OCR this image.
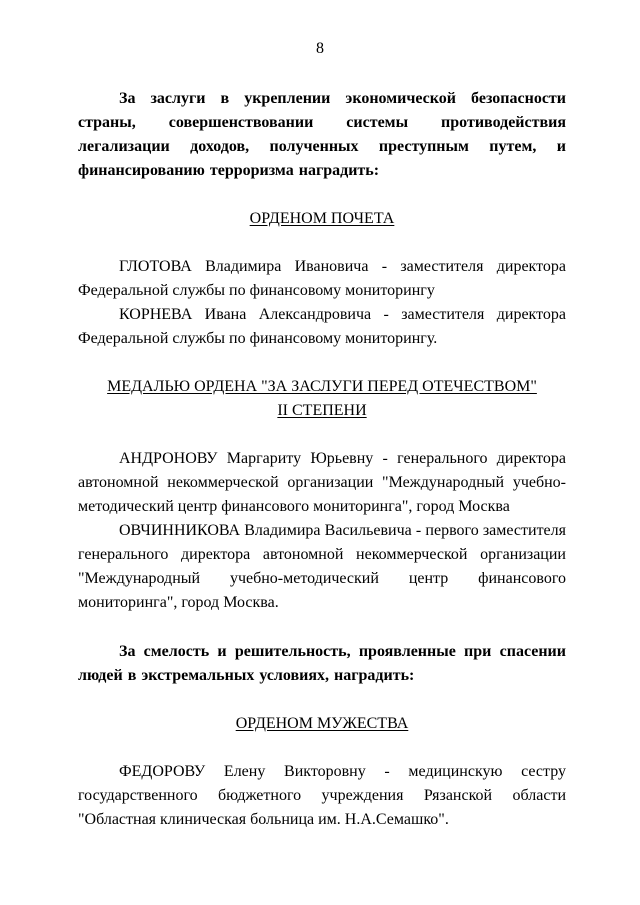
8

За заслуги в укреплении экономической безопасности страны, совершенствовании системы противодействия легализации доходов, полученных преступным путем, и финансированию терроризма наградить:

ОРДЕНОМ ПОЧЕТА

ГЛОТОВА Владимира Ивановича - заместителя директора Федеральной службы по финансовому мониторингу

КОРНЕВА Ивана Александровича - заместителя директора Федеральной службы по финансовому мониторингу.

МЕДАЛЬЮ ОРДЕНА "ЗА ЗАСЛУГИ ПЕРЕД ОТЕЧЕСТВОМ"

II СТЕПЕНИ

АНДРОНОВУ Маргариту Юрьевну - генерального директора автономной некоммерческой организации "Международный учебно-методический центр финансового мониторинга", город Москва

ОВЧИННИКОВА Владимира Васильевича - первого заместителя генерального директора автономной некоммерческой организации "Международный учебно-методический центр финансового мониторинга", город Москва.

За смелость и решительность, проявленные при спасении людей в экстремальных условиях, наградить:

ОРДЕНОМ МУЖЕСТВА

ФЕДОРОВУ Елену Викторовну - медицинскую сестру государственного бюджетного учреждения Рязанской области "Областная клиническая больница им. Н.А.Семашко".
